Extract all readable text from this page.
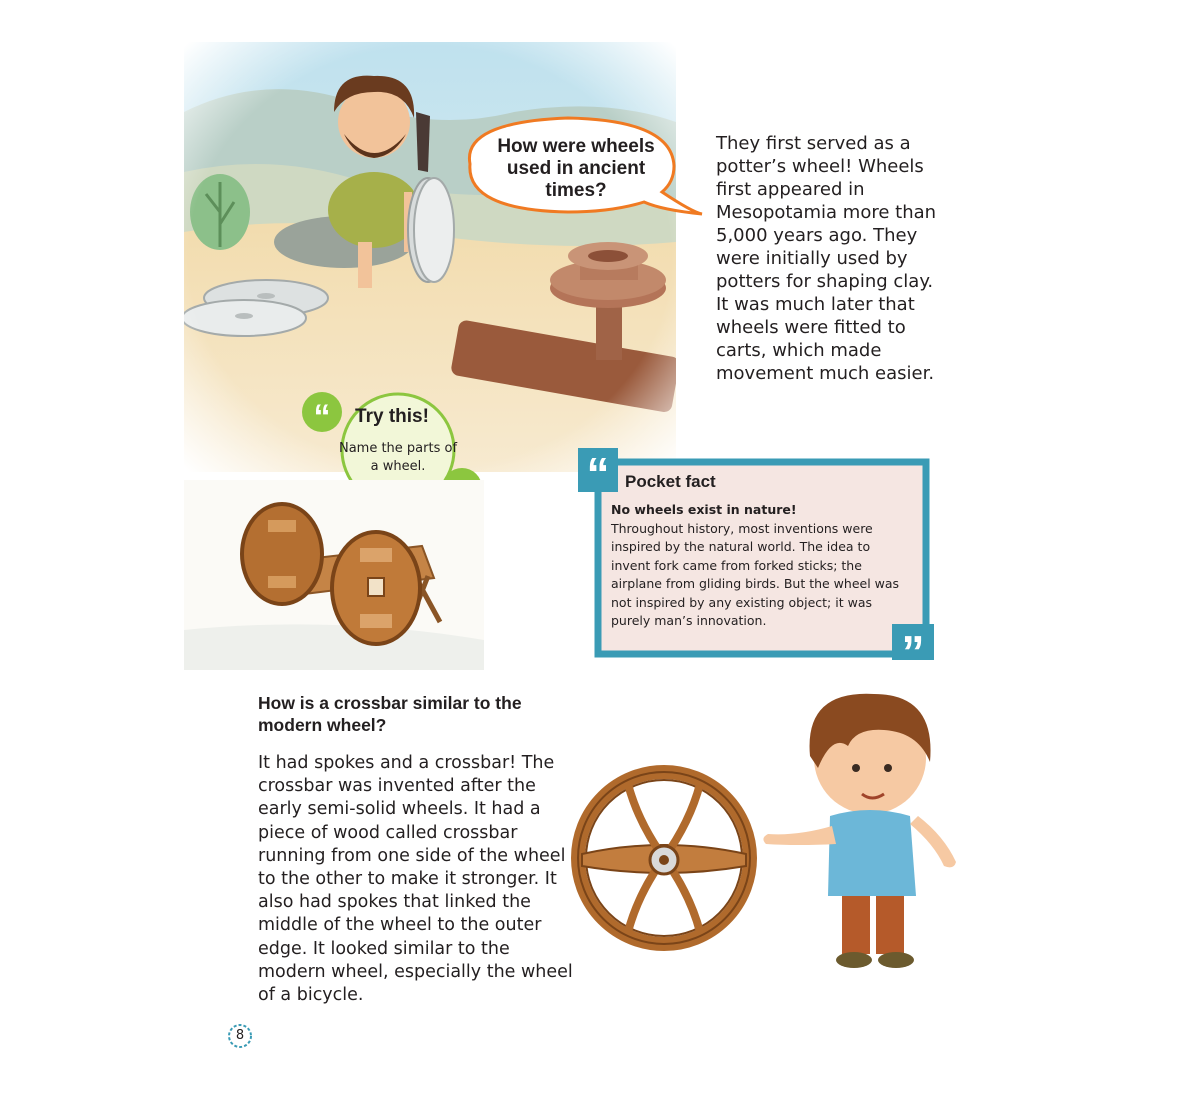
How were wheels used in ancient times?

They first served as a potter’s wheel! Wheels first appeared in Mesopotamia more than 5,000 years ago. They were initially used by potters for shaping clay. It was much later that wheels were fitted to carts, which made movement much easier.

“ Try this!

Name the parts of a wheel.	“
”

Pocket fact

No wheels exist in nature!

Throughout history, most inventions were inspired by the natural world. The idea to invent fork came from forked sticks; the airplane from gliding birds. But the wheel was not inspired by any existing object; it was purely man’s innovation.

How is a crossbar similar to the modern wheel?

It had spokes and a crossbar! The crossbar was invented after the early semi-solid wheels. It had a piece of wood called crossbar running from one side of the wheel to the other to make it stronger. It also had spokes that linked the middle of the wheel to the outer edge. It looked similar to the modern wheel, especially the wheel of a bicycle.

8
